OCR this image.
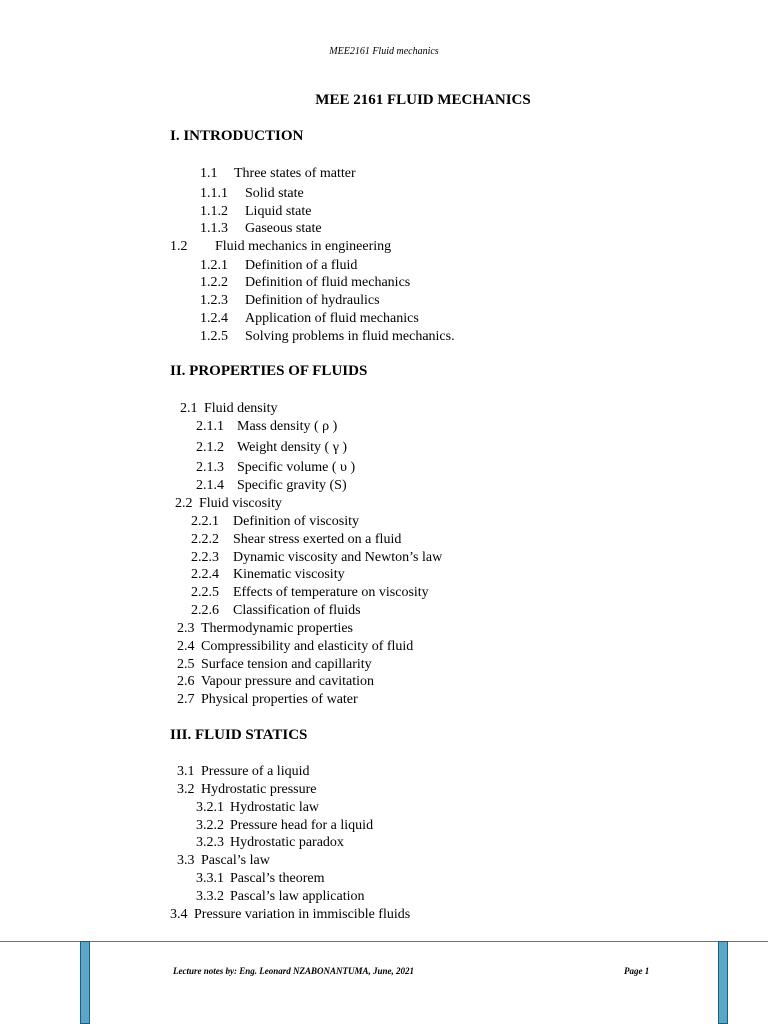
MEE2161 Fluid mechanics
MEE 2161 FLUID MECHANICS
I. INTRODUCTION
1.1 Three states of matter
1.1.1 Solid state
1.1.2 Liquid state
1.1.3 Gaseous state
1.2 Fluid mechanics in engineering
1.2.1 Definition of a fluid
1.2.2 Definition of fluid mechanics
1.2.3 Definition of hydraulics
1.2.4 Application of fluid mechanics
1.2.5 Solving problems in fluid mechanics.
II. PROPERTIES OF FLUIDS
2.1 Fluid density
2.1.1 Mass density ( ρ )
2.1.2 Weight density ( γ )
2.1.3 Specific volume ( υ )
2.1.4 Specific gravity (S)
2.2 Fluid viscosity
2.2.1 Definition of viscosity
2.2.2 Shear stress exerted on a fluid
2.2.3 Dynamic viscosity and Newton’s law
2.2.4 Kinematic viscosity
2.2.5 Effects of temperature on viscosity
2.2.6 Classification of fluids
2.3 Thermodynamic properties
2.4 Compressibility and elasticity of fluid
2.5 Surface tension and capillarity
2.6 Vapour pressure and cavitation
2.7 Physical properties of water
III. FLUID STATICS
3.1 Pressure of a liquid
3.2 Hydrostatic pressure
3.2.1 Hydrostatic law
3.2.2 Pressure head for a liquid
3.2.3 Hydrostatic paradox
3.3 Pascal’s law
3.3.1 Pascal’s theorem
3.3.2 Pascal’s law application
3.4 Pressure variation in immiscible fluids
Lecture notes by: Eng. Leonard NZABONANTUMA, June, 2021	Page 1
